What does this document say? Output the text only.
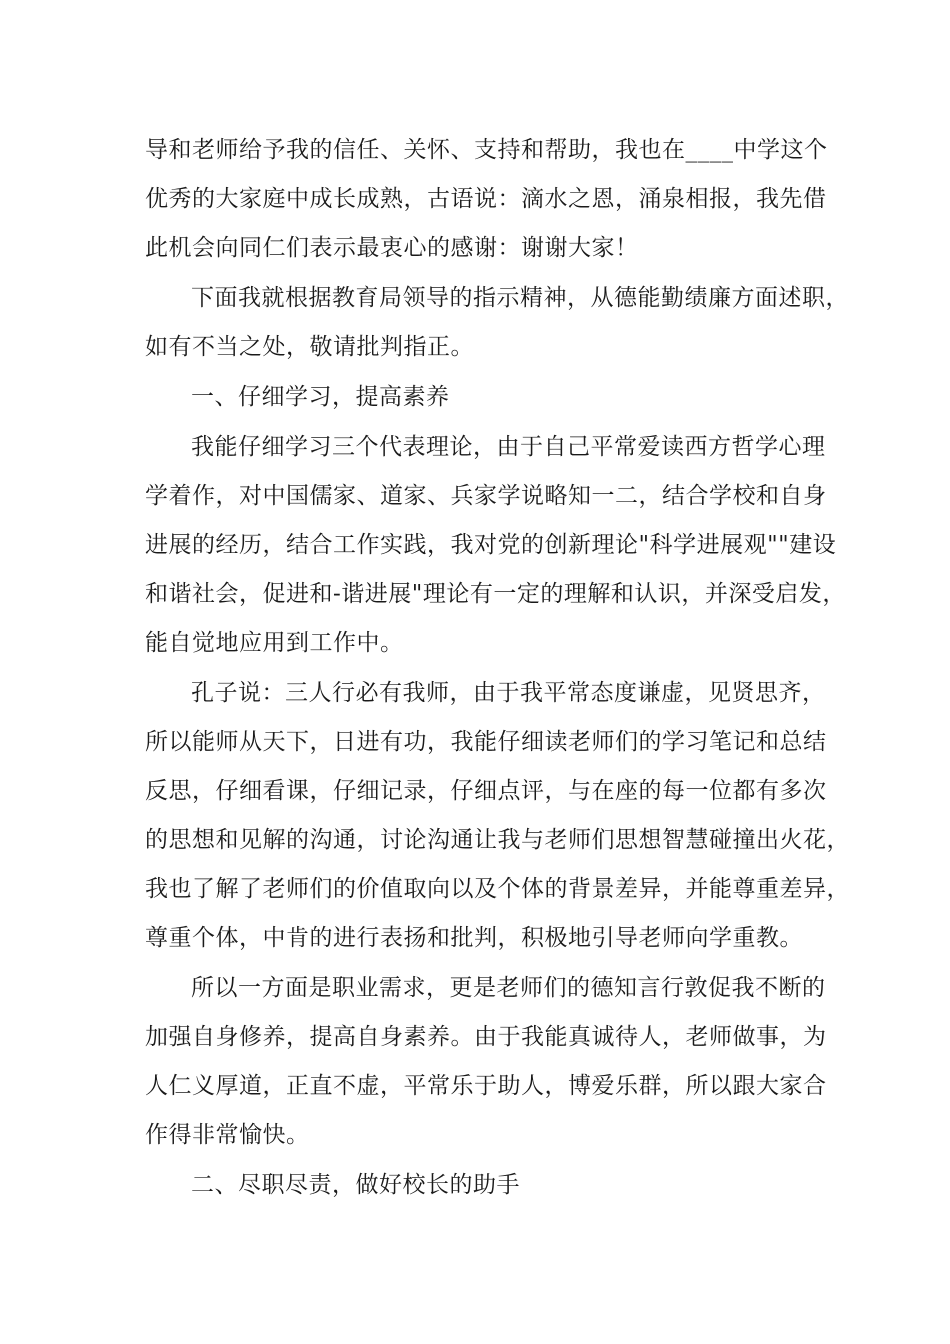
导和老师给予我的信任、关怀、支持和帮助，我也在____中学这个
优秀的大家庭中成长成熟，古语说：滴水之恩，涌泉相报，我先借
此机会向同仁们表示最衷心的感谢：谢谢大家！
下面我就根据教育局领导的指示精神，从德能勤绩廉方面述职，
如有不当之处，敬请批判指正。
一、仔细学习，提高素养
我能仔细学习三个代表理论，由于自己平常爱读西方哲学心理
学着作，对中国儒家、道家、兵家学说略知一二，结合学校和自身
进展的经历，结合工作实践，我对党的创新理论"科学进展观""建设
和谐社会，促进和-谐进展"理论有一定的理解和认识，并深受启发，
能自觉地应用到工作中。
孔子说：三人行必有我师，由于我平常态度谦虚，见贤思齐，
所以能师从天下，日进有功，我能仔细读老师们的学习笔记和总结
反思，仔细看课，仔细记录，仔细点评，与在座的每一位都有多次
的思想和见解的沟通，讨论沟通让我与老师们思想智慧碰撞出火花，
我也了解了老师们的价值取向以及个体的背景差异，并能尊重差异，
尊重个体，中肯的进行表扬和批判，积极地引导老师向学重教。
所以一方面是职业需求，更是老师们的德知言行敦促我不断的
加强自身修养，提高自身素养。由于我能真诚待人，老师做事，为
人仁义厚道，正直不虚，平常乐于助人，博爱乐群，所以跟大家合
作得非常愉快。
二、尽职尽责，做好校长的助手
